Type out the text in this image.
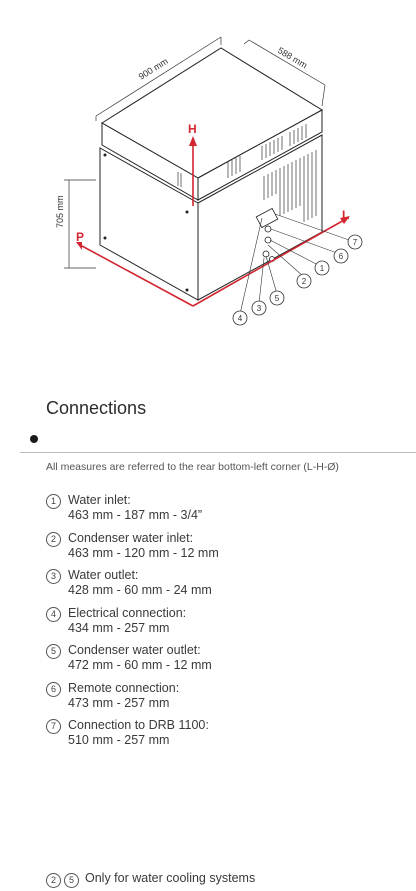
H
L
P
900 mm	588 mm
705 mm
7
6
1
2
5
3
4
Connections
All measures are referred to the rear bottom-left corner (L-H-Ø)
1 Water inlet:
463 mm - 187 mm - 3/4”
2 Condenser water inlet:
463 mm - 120 mm - 12 mm
3 Water outlet:
428 mm - 60 mm - 24 mm
4 Electrical connection:
434 mm - 257 mm
5 Condenser water outlet:
472 mm - 60 mm - 12 mm
6 Remote connection:
473 mm - 257 mm
7 Connection to DRB 1100:
510 mm - 257 mm
2 5 Only for water cooling systems
